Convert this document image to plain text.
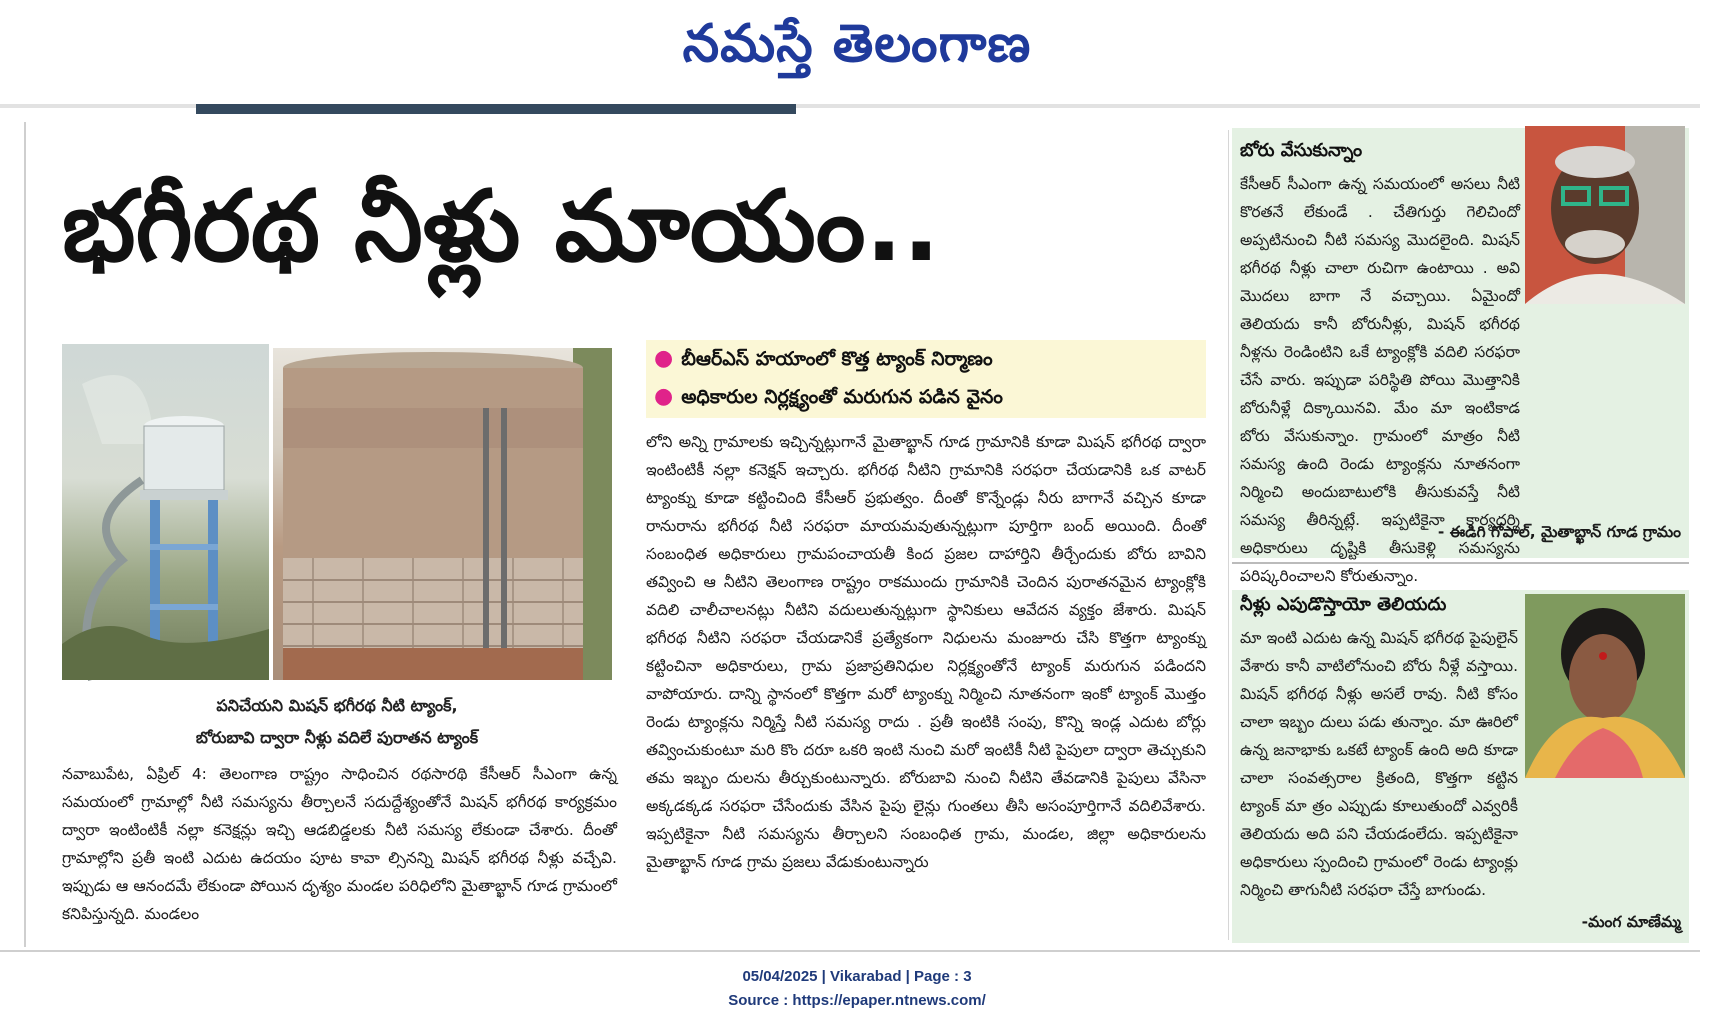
నమస్తే తెలంగాణ
భగీరథ నీళ్లు మాయం..
పనిచేయని మిషన్ భగీరథ నీటి ట్యాంక్,
బోరుబావి ద్వారా నీళ్లు వదిలే పురాతన ట్యాంక్
నవాబుపేట, ఏప్రిల్ 4: తెలంగాణ రాష్ట్రం సాధించిన రథసారథి కేసీఆర్ సీఎంగా ఉన్న సమయంలో గ్రామాల్లో నీటి సమస్యను తీర్చాలనే సదుద్దేశ్యంతోనే మిషన్ భగీరథ కార్యక్రమం ద్వారా ఇంటింటికీ నల్లా కనెక్షన్లు ఇచ్చి ఆడబిడ్డలకు నీటి సమస్య లేకుండా చేశారు. దీంతో గ్రామాల్లోని ప్రతీ ఇంటి ఎదుట ఉదయం పూట కావా ల్సినన్ని మిషన్ భగీరథ నీళ్లు వచ్చేవి. ఇప్పుడు ఆ ఆనందమే లేకుండా పోయిన దృశ్యం మండల పరిధిలోని మైతాబ్ఖాన్ గూడ గ్రామంలో కనిపిస్తున్నది. మండలం
● బీఆర్ఎస్ హయాంలో కొత్త ట్యాంక్ నిర్మాణం
● అధికారుల నిర్లక్ష్యంతో మరుగున పడిన వైనం
లోని అన్ని గ్రామాలకు ఇచ్చిన్నట్లుగానే మైతాబ్ఖాన్ గూడ గ్రామానికి కూడా మిషన్ భగీరథ ద్వారా ఇంటింటికీ నల్లా కనెక్షన్ ఇచ్చారు. భగీరథ నీటిని గ్రామానికి సరఫరా చేయడానికి ఒక వాటర్ ట్యాంక్ను కూడా కట్టించింది కేసీఆర్ ప్రభుత్వం. దీంతో కొన్నేండ్లు నీరు బాగానే వచ్చిన కూడా రానురాను భగీరథ నీటి సరఫరా మాయమవుతున్నట్లుగా పూర్తిగా బంద్ అయింది. దీంతో సంబంధిత అధికారులు గ్రామపంచాయతీ కింద ప్రజల దాహార్తిని తీర్చేందుకు బోరు బావిని తవ్వించి ఆ నీటిని తెలంగాణ రాష్ట్రం రాకముందు గ్రామానికి చెందిన పురాతనమైన ట్యాంక్లోకి వదిలి చాలీచాలనట్లు నీటిని వదులుతున్నట్లుగా స్థానికులు ఆవేదన వ్యక్తం జేశారు. మిషన్ భగీరథ నీటిని సరఫరా చేయడానికే ప్రత్యేకంగా నిధులను మంజూరు చేసి కొత్తగా ట్యాంక్ను కట్టించినా అధికారులు, గ్రామ ప్రజాప్రతినిధుల నిర్లక్ష్యంతోనే ట్యాంక్ మరుగున పడిందని వాపోయారు. దాన్ని స్థానంలో కొత్తగా మరో ట్యాంక్ను నిర్మించి నూతనంగా ఇంకో ట్యాంక్ మొత్తం రెండు ట్యాంక్లను నిర్మిస్తే నీటి సమస్య రాదు . ప్రతీ ఇంటికి సంపు, కొన్ని ఇండ్ల ఎదుట బోర్లు తవ్వించుకుంటూ మరి కొం దరూ ఒకరి ఇంటి నుంచి మరో ఇంటికీ నీటి పైపులా ద్వారా తెచ్చుకుని తమ ఇబ్బం దులను తీర్చుకుంటున్నారు. బోరుబావి నుంచి నీటిని తేవడానికి పైపులు వేసినా అక్కడక్కడ సరఫరా చేసేందుకు వేసిన పైపు లైన్లు గుంతలు తీసి అసంపూర్తిగానే వదిలివేశారు. ఇప్పటికైనా నీటి సమస్యను తీర్చాలని సంబంధిత గ్రామ, మండల, జిల్లా అధికారులను మైతాబ్ఖాన్ గూడ గ్రామ ప్రజలు వేడుకుంటున్నారు
బోరు వేసుకున్నాం
కేసీఆర్ సీఎంగా ఉన్న సమయంలో అసలు నీటి కొరతనే లేకుండే . చేతిగుర్తు గెలిచిందో అప్పటినుంచి నీటి సమస్య మొదలైంది. మిషన్ భగీరథ నీళ్లు చాలా రుచిగా ఉంటాయి . అవి మొదలు బాగా నే వచ్చాయి. ఏమైందో తెలియదు కానీ బోరునీళ్లు, మిషన్ భగీరథ నీళ్లను రెండింటిని ఒకే ట్యాంక్లోకి వదిలి సరఫరా చేసే వారు. ఇప్పుడా పరిస్థితి పోయి మొత్తానికి బోరునీళ్లే దిక్కాయినవి. మేం మా ఇంటికాడ బోరు వేసుకున్నాం. గ్రామంలో మాత్రం నీటి సమస్య ఉంది రెండు ట్యాంక్లను నూతనంగా నిర్మించి అందుబాటులోకి తీసుకువస్తే నీటి సమస్య తీరిన్నట్లే. ఇప్పటికైనా కార్యదర్శి అధికారులు దృష్టికి తీసుకెళ్లి సమస్యను పరిష్కరించాలని కోరుతున్నాం.
- ఈడిగి గోపాల్, మైతాబ్ఖాన్ గూడ గ్రామం
నీళ్లు ఎపుడొస్తాయో తెలియదు
-మంగ మాణేమ్మ
మా ఇంటి ఎదుట ఉన్న మిషన్ భగీరథ పైపులైన్ వేశారు కానీ వాటిలోనుంచి బోరు నీళ్లే వస్తాయి. మిషన్ భగీరథ నీళ్లు అసలే రావు. నీటి కోసం చాలా ఇబ్బం దులు పడు తున్నాం. మా ఊరిలో ఉన్న జనాభాకు ఒకటే ట్యాంక్ ఉంది అది కూడా చాలా సంవత్సరాల క్రితంది, కొత్తగా కట్టిన ట్యాంక్ మా త్రం ఎప్పుడు కూలుతుందో ఎవ్వరికీ తెలియదు అది పని చేయడంలేదు. ఇప్పటికైనా అధికారులు స్పందించి గ్రామంలో రెండు ట్యాంక్లు నిర్మించి తాగునీటి సరఫరా చేస్తే బాగుండు.
05/04/2025 | Vikarabad | Page : 3
Source : https://epaper.ntnews.com/
